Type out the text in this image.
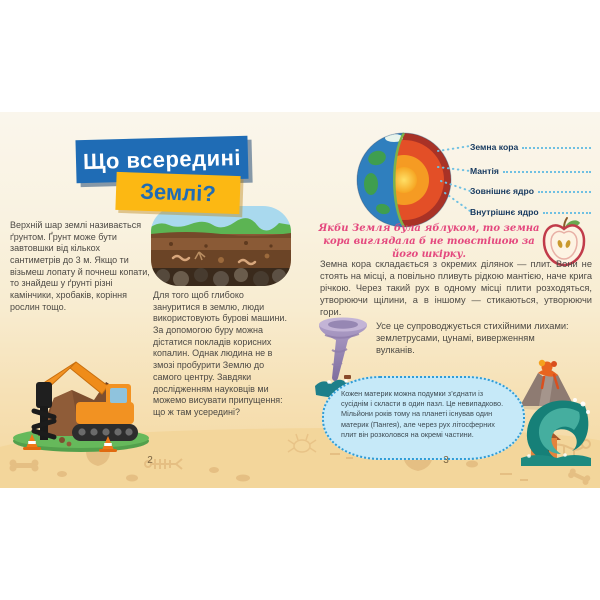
Що всередині
Землі?
Верхній шар землі називається ґрунтом. Ґрунт може бути завтовшки від кількох сантиметрів до 3 м. Якщо ти візьмеш лопату й почнеш копати, то знайдеш у ґрунті різні камінчики, хробаків, коріння рослин тощо.
Для того щоб глибоко зануритися в землю, люди використовують бурові машини. За допомогою буру можна дістатися покладів корисних копалин. Однак людина не в змозі пробурити Землю до самого центру. Завдяки дослідженням науковців ми можемо висувати припущення: що ж там усередині?
2
Земна кора
Мантія
Зовнішнє ядро
Внутрішнє ядро
Якби Земля була яблуком, то земна кора виглядала б не товстішою за його шкірку.
Земна кора складається з окремих ділянок — плит. Вони не стоять на місці, а повільно пливуть рідкою мантією, наче крига річкою. Через такий рух в одному місці плити розходяться, утворюючи щілини, а в іншому — стикаються, утворюючи гори.
Усе це супроводжується стихійними лихами: землетрусами, цунамі, виверженням вулканів.
Кожен материк можна подумки з’єднати із сусіднім і скласти в один пазл. Це невипадково. Мільйони років тому на планеті існував один материк (Пангея), але через рух літосферних плит він розколовся на окремі частини.
3
